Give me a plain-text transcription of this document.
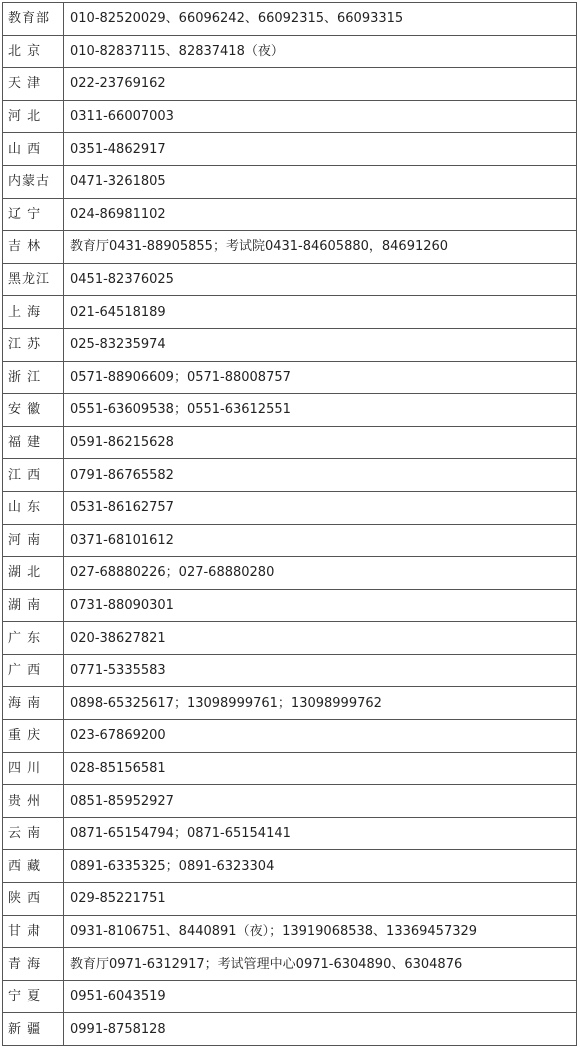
教育部	010-82520029、66096242、66092315、66093315
北 京	010-82837115、82837418（夜）
天 津	022-23769162
河 北	0311-66007003
山 西	0351-4862917
内蒙古	0471-3261805
辽 宁	024-86981102
吉 林	教育厅0431-88905855；考试院0431-84605880，84691260
黑龙江	0451-82376025
上 海	021-64518189
江 苏	025-83235974
浙 江	0571-88906609；0571-88008757
安 徽	0551-63609538；0551-63612551
福 建	0591-86215628
江 西	0791-86765582
山 东	0531-86162757
河 南	0371-68101612
湖 北	027-68880226；027-68880280
湖 南	0731-88090301
广 东	020-38627821
广 西	0771-5335583
海 南	0898-65325617；13098999761；13098999762
重 庆	023-67869200
四 川	028-85156581
贵 州	0851-85952927
云 南	0871-65154794；0871-65154141
西 藏	0891-6335325；0891-6323304
陕 西	029-85221751
甘 肃	0931-8106751、8440891（夜）；13919068538、13369457329
青 海	教育厅0971-6312917；考试管理中心0971-6304890、6304876
宁 夏	0951-6043519
新 疆	0991-8758128
